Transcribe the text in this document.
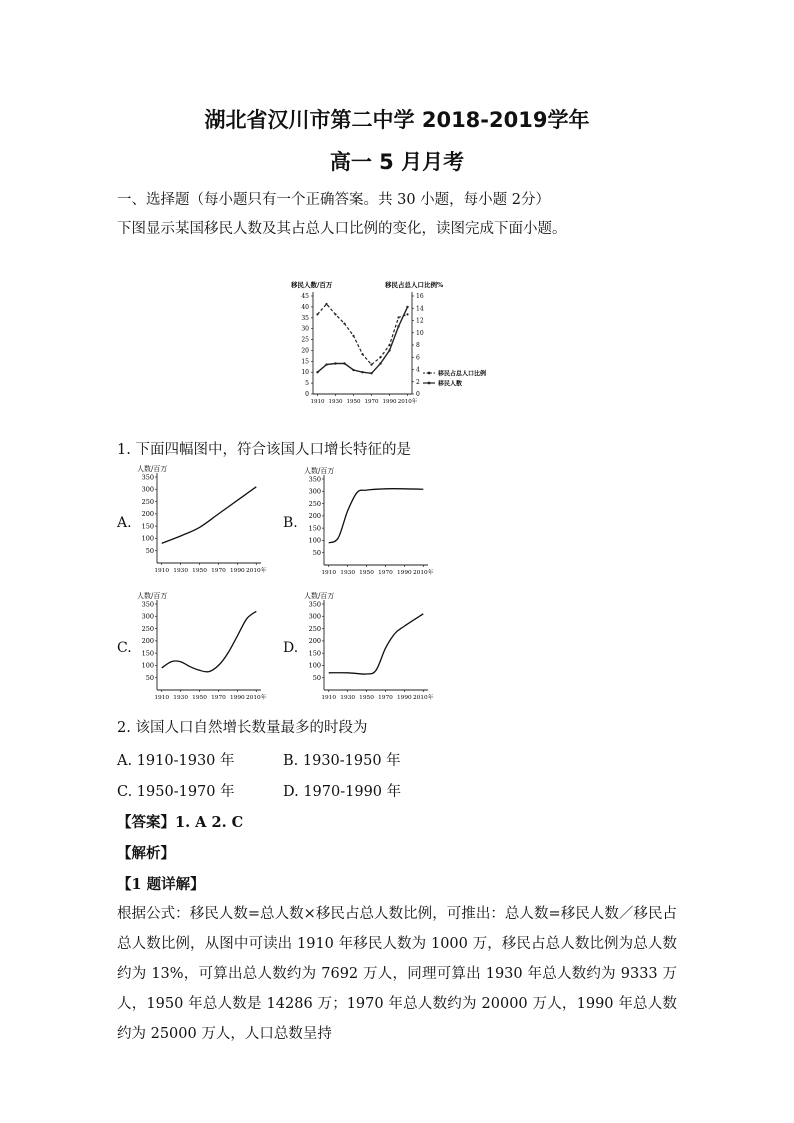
湖北省汉川市第二中学 2018-2019学年
高一 5 月月考
一、选择题（每小题只有一个正确答案。共 30 小题，每小题 2分）
下图显示某国移民人数及其占总人口比例的变化，读图完成下面小题。
移民人数/百万	移民占总人口比例%
0
5
10
15
20
25
30
35
40
45
0
2
4
6
8
10
12
14
16
1910 1930 1950 1970 1990 2010年
移民占总人口比例
移民人数
1. 下面四幅图中，符合该国人口增长特征的是
A.	B.
C.	D.
人数/百万
50
100
150
200
250
300
350
1910 1930 1950 1970 1990 2010年
人数/百万
50
100
150
200
250
300
350
1910 1930 1950 1970 1990 2010年
人数/百万
50
100
150
200
250
300
350
1910 1930 1950 1970 1990 2010年
人数/百万
50
100
150
200
250
300
350
1910 1930 1950 1970 1990 2010年
2. 该国人口自然增长数量最多的时段为
A. 1910-1930 年	B. 1930-1950 年
C. 1950-1970 年	D. 1970-1990 年
【答案】1. A 2. C
【解析】
【1 题详解】
根据公式：移民人数=总人数×移民占总人数比例，可推出：总人数=移民人数／移民占总人数比例，从图中可读出 1910 年移民人数为 1000 万，移民占总人数比例为总人数约为 13%，可算出总人数约为 7692 万人，同理可算出 1930 年总人数约为 9333 万人，1950 年总人数是 14286 万；1970 年总人数约为 20000 万人，1990 年总人数约为 25000 万人，人口总数呈持
